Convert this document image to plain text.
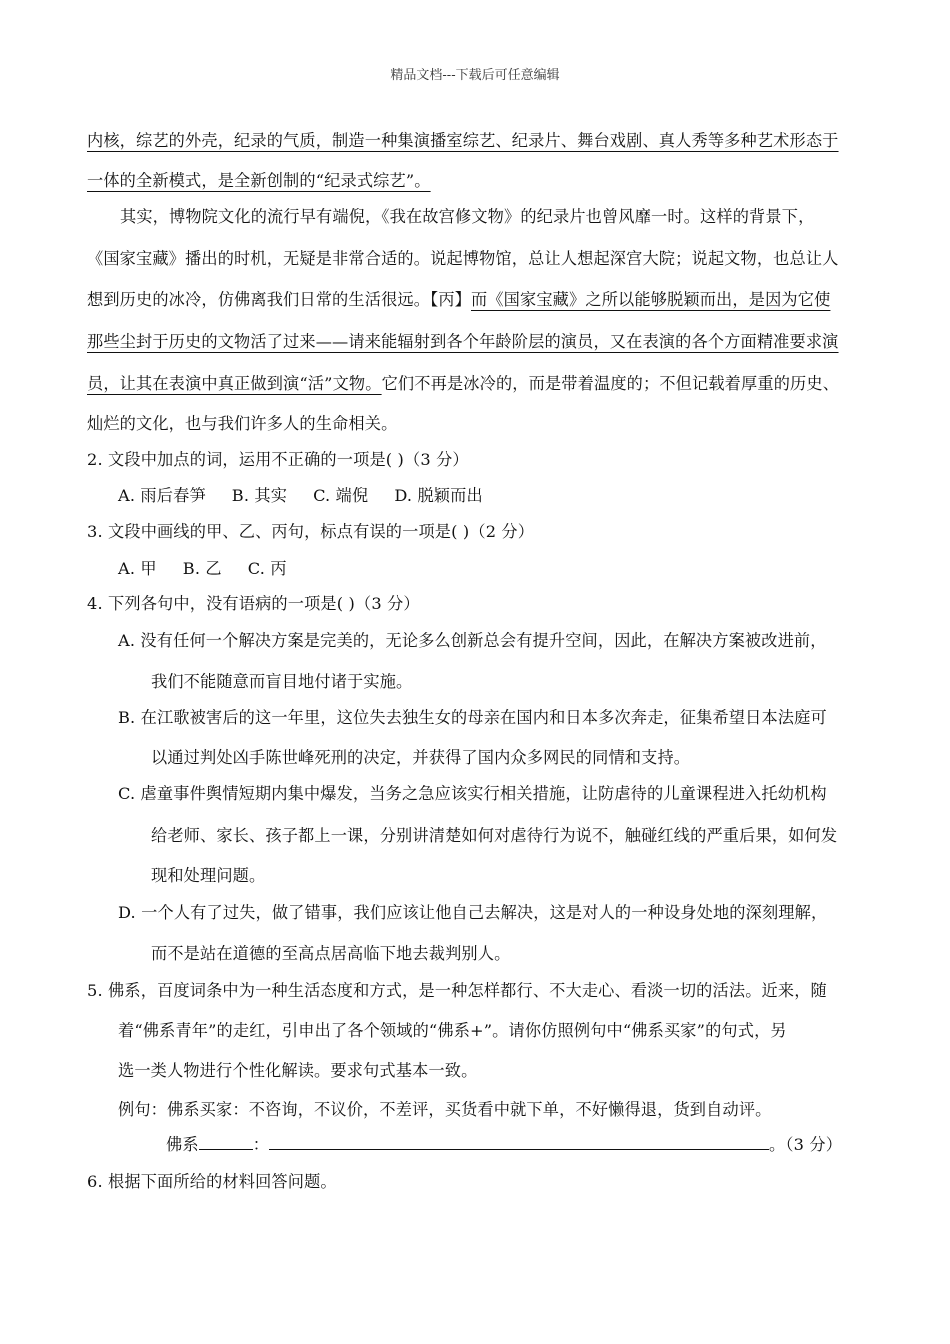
精品文档---下载后可任意编辑
内核，综艺的外壳，纪录的气质，制造一种集演播室综艺、纪录片、舞台戏剧、真人秀等多种艺术形态于
一体的全新模式，是全新创制的“纪录式综艺”。
其实，博物院文化的流行早有端倪，《我在故宫修文物》的纪录片也曾风靡一时。这样的背景下，
《国家宝藏》播出的时机，无疑是非常合适的。说起博物馆，总让人想起深宫大院；说起文物，也总让人
想到历史的冰冷，仿佛离我们日常的生活很远。【丙】而《国家宝藏》之所以能够脱颖而出，是因为它使
那些尘封于历史的文物活了过来——请来能辐射到各个年龄阶层的演员，又在表演的各个方面精准要求演
员，让其在表演中真正做到演“活”文物。它们不再是冰冷的，而是带着温度的；不但记载着厚重的历史、
灿烂的文化，也与我们许多人的生命相关。
2. 文段中加点的词，运用不正确的一项是( )（3 分）
A. 雨后春笋 B. 其实 C. 端倪 D. 脱颖而出
3. 文段中画线的甲、乙、丙句，标点有误的一项是( )（2 分）
A. 甲 B. 乙 C. 丙
4. 下列各句中，没有语病的一项是( )（3 分）
A. 没有任何一个解决方案是完美的，无论多么创新总会有提升空间，因此，在解决方案被改进前，
我们不能随意而盲目地付诸于实施。
B. 在江歌被害后的这一年里，这位失去独生女的母亲在国内和日本多次奔走，征集希望日本法庭可
以通过判处凶手陈世峰死刑的决定，并获得了国内众多网民的同情和支持。
C. 虐童事件舆情短期内集中爆发，当务之急应该实行相关措施，让防虐待的儿童课程进入托幼机构
给老师、家长、孩子都上一课，分别讲清楚如何对虐待行为说不，触碰红线的严重后果，如何发
现和处理问题。
D. 一个人有了过失，做了错事，我们应该让他自己去解决，这是对人的一种设身处地的深刻理解，
而不是站在道德的至高点居高临下地去裁判别人。
5. 佛系，百度词条中为一种生活态度和方式，是一种怎样都行、不大走心、看淡一切的活法。近来，随
着“佛系青年”的走红，引申出了各个领域的“佛系+”。请你仿照例句中“佛系买家”的句式，另
选一类人物进行个性化解读。要求句式基本一致。
例句：佛系买家：不咨询，不议价，不差评，买货看中就下单，不好懒得退，货到自动评。
佛系	：	。（3 分）
6. 根据下面所给的材料回答问题。
